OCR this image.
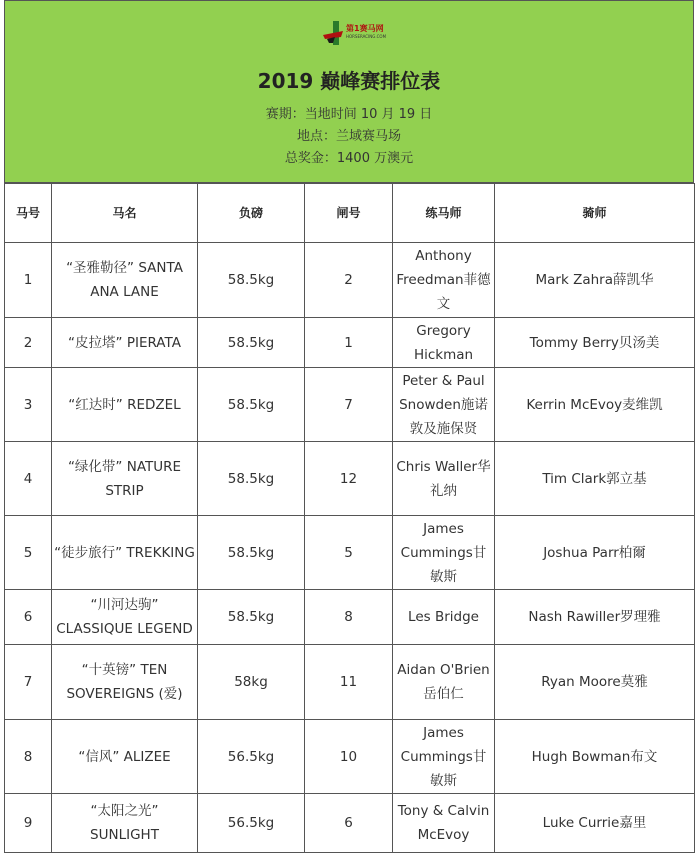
第1赛马网
HORSERACING.COM
2019 巅峰赛排位表
赛期：当地时间 10 月 19 日
地点：兰域赛马场
总奖金：1400 万澳元
马号	马名	负磅	闸号	练马师	骑师
1	“圣雅勒径” SANTA ANA LANE	58.5kg	2	Anthony Freedman菲德文	Mark Zahra薛凯华
2	“皮拉塔” PIERATA	58.5kg	1	Gregory Hickman	Tommy Berry贝汤美
3	“红达时” REDZEL	58.5kg	7	Peter & Paul Snowden施诺敦及施保贤	Kerrin McEvoy麦维凯
4	“绿化带” NATURE STRIP	58.5kg	12	Chris Waller华礼纳	Tim Clark郭立基
5	“徒步旅行” TREKKING	58.5kg	5	James Cummings甘敏斯	Joshua Parr柏爾
6	“川河达驹” CLASSIQUE LEGEND	58.5kg	8	Les Bridge	Nash Rawiller罗理雅
7	“十英镑” TEN SOVEREIGNS (爱)	58kg	11	Aidan O'Brien 岳伯仁	Ryan Moore莫雅
8	“信风” ALIZEE	56.5kg	10	James Cummings甘敏斯	Hugh Bowman布文
9	“太阳之光” SUNLIGHT	56.5kg	6	Tony & Calvin McEvoy	Luke Currie嘉里
